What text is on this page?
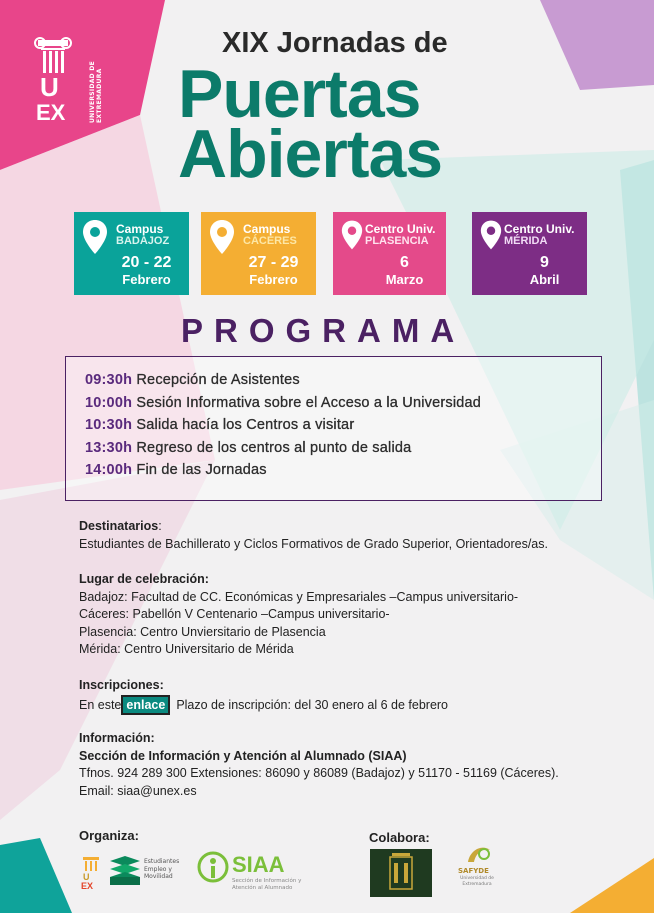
U
EX	UNIVERSIDAD DE EXTREMADURA
XIX Jornadas de
Puertas
Abiertas
Campus
BADAJOZ
20 - 22
Febrero
Campus
CÁCERES
27 - 29
Febrero
Centro Univ.
PLASENCIA
6
Marzo
Centro Univ.
MÉRIDA
9
Abril
PROGRAMA
09:30h Recepción de Asistentes
10:00h Sesión Informativa sobre el Acceso a la Universidad
10:30h Salida hacía los Centros a visitar
13:30h Regreso de los centros al punto de salida
14:00h Fin de las Jornadas
Destinatarios:
Estudiantes de Bachillerato y Ciclos Formativos de Grado Superior, Orientadores/as.
Lugar de celebración:
Badajoz: Facultad de CC. Económicas y Empresariales –Campus universitario-
Cáceres: Pabellón V Centenario –Campus universitario-
Plasencia: Centro Unviersitario de Plasencia
Mérida: Centro Universitario de Mérida
Inscripciones:
En este enlace Plazo de inscripción: del 30 enero al 6 de febrero
Información:
Sección de Información y Atención al Alumnado (SIAA)
Tfnos. 924 289 300 Extensiones: 86090 y 86089 (Badajoz) y 51170 - 51169 (Cáceres).
Email: siaa@unex.es
Organiza:	Colabora:
U
EX
Estudiantes Empleo y Movilidad	SIAA
Sección de Información y Atención al Alumnado
SAFYDE
Universidad de Extremadura
